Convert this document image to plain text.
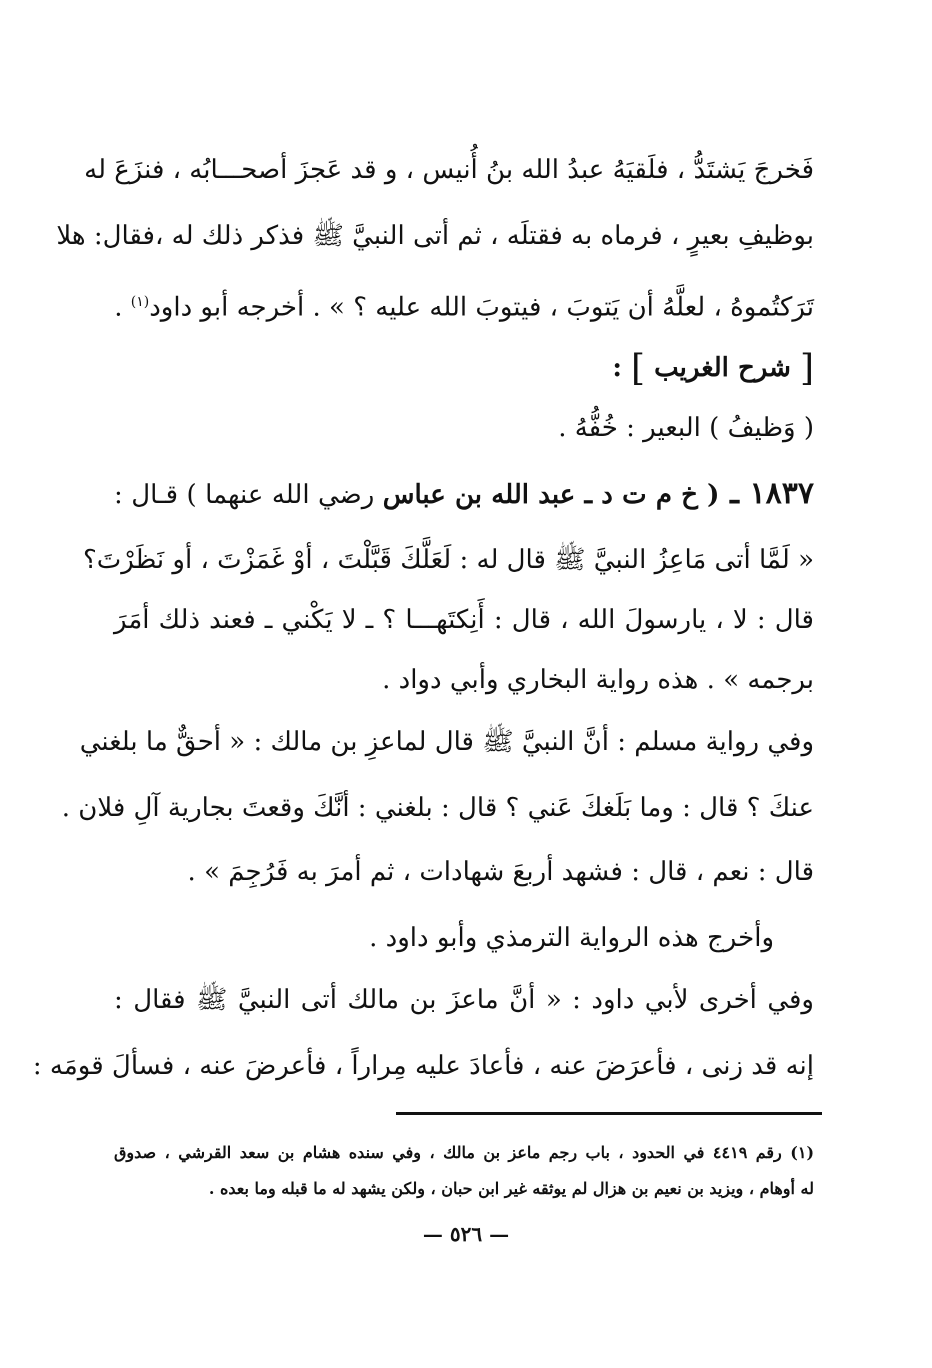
فَخرجَ يَشتَدُّ ، فلَقيَهُ عبدُ الله بنُ أُنيس ، و قد عَجزَ أصحـــابُه ، فنزَعَ له
بوظيفِ بعيرٍ ، فرماه به فقتلَه ، ثم أتى النبيَّ ﷺ فذكر ذلك له ،فقال: هلا
تَرَكتُموهُ ، لعلَّهُ أن يَتوبَ ، فيتوبَ الله عليه ؟ » . أخرجه أبو داود$^{(١)}$ .
[ شرح الغريب ] :
( وَظيفُ ) البعير : خُفُّهُ .
١٨٣٧ ـ ( خ م ت د ـ عبد الله بن عباس رضي الله عنهما ) قـال :
« لَمَّا أتى مَاعِزُ النبيَّ ﷺ قال له : لَعَلَّكَ قَبَّلْتَ ، أوْ غَمَزْتَ ، أو نَظَرْتَ؟
قال : لا ، يارسولَ الله ، قال : أَنِكتَهـــا ؟ ـ لا يَكْني ـ فعند ذلك أمَرَ
برجمه » . هذه رواية البخاري وأبي دواد .
وفي رواية مسلم : أنَّ النبيَّ ﷺ قال لماعزِ بن مالك : « أحقٌّ ما بلغني
عنكَ ؟ قال : وما بَلَغكَ عَني ؟ قال : بلغني : أنَّكَ وقعتَ بجارية آلِ فلان .
قال : نعم ، قال : فشهد أربعَ شهادات ، ثم أمرَ به فَرُجِمَ » .
وأخرج هذه الرواية الترمذي وأبو داود .
وفي أخرى لأبي داود : « أنَّ ماعزَ بن مالك أتى النبيَّ ﷺ فقال :
إنه قد زنى ، فأعرَضَ عنه ، فأعادَ عليه مِراراً ، فأعرضَ عنه ، فسألَ قومَه :
(١) رقم ٤٤١٩ في الحدود ، باب رجم ماعز بن مالك ، وفي سنده هشام بن سعد القرشي ، صدوق
له أوهام ، ويزيد بن نعيم بن هزال لم يوثقه غير ابن حبان ، ولكن يشهد له ما قبله وما بعده .
— ٥٢٦ —
